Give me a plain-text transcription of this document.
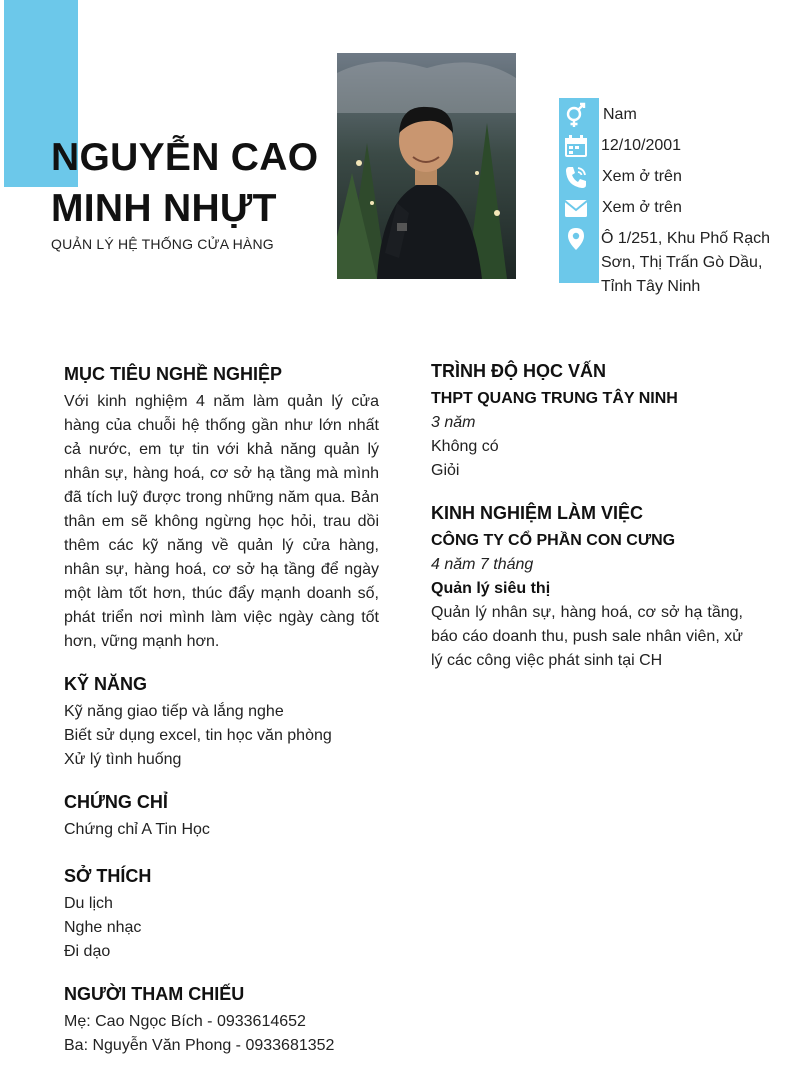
NGUYỄN CAO
MINH NHỰT
QUẢN LÝ HỆ THỐNG CỬA HÀNG
Nam
12/10/2001
Xem ở trên
Xem ở trên
Ô 1/251, Khu Phố Rạch Sơn, Thị Trấn Gò Dầu, Tỉnh Tây Ninh
MỤC TIÊU NGHỀ NGHIỆP
Với kinh nghiệm 4 năm làm quản lý cửa hàng của chuỗi hệ thống gần như lớn nhất cả nước, em tự tin với khả năng quản lý nhân sự, hàng hoá, cơ sở hạ tầng mà mình đã tích luỹ được trong những năm qua. Bản thân em sẽ không ngừng học hỏi, trau dồi thêm các kỹ năng về quản lý cửa hàng, nhân sự, hàng hoá, cơ sở hạ tầng để ngày một làm tốt hơn, thúc đẩy mạnh doanh số, phát triển nơi mình làm việc ngày càng tốt hơn, vững mạnh hơn.
KỸ NĂNG
Kỹ năng giao tiếp và lắng nghe
Biết sử dụng excel, tin học văn phòng
Xử lý tình huống
CHỨNG CHỈ
Chứng chỉ A Tin Học
SỞ THÍCH
Du lịch
Nghe nhạc
Đi dạo
NGƯỜI THAM CHIẾU
Mẹ: Cao Ngọc Bích - 0933614652
Ba: Nguyễn Văn Phong - 0933681352
TRÌNH ĐỘ HỌC VẤN
THPT QUANG TRUNG TÂY NINH
3 năm
Không có
Giỏi
KINH NGHIỆM LÀM VIỆC
CÔNG TY CỔ PHẦN CON CƯNG
4 năm 7 tháng
Quản lý siêu thị
Quản lý nhân sự, hàng hoá, cơ sở hạ tầng, báo cáo doanh thu, push sale nhân viên, xử lý các công việc phát sinh tại CH
